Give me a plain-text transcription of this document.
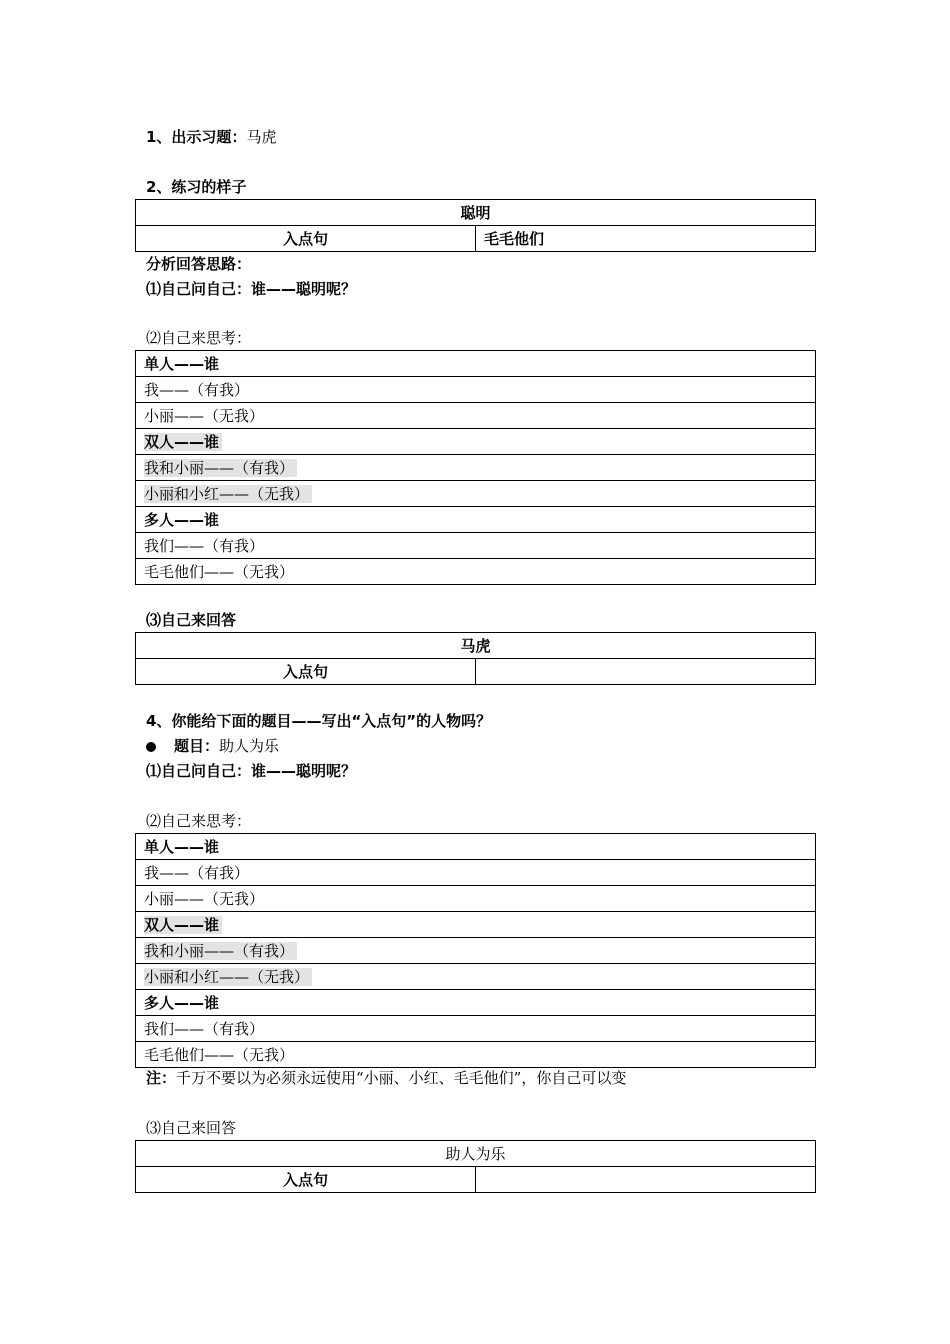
1、出示习题：马虎
2、练习的样子
聪明
入点句	毛毛他们
分析回答思路：
⑴自己问自己：谁——聪明呢？
⑵自己来思考：
单人——谁
我——（有我）
小丽——（无我）
双人——谁
我和小丽——（有我）
小丽和小红——（无我）
多人——谁
我们——（有我）
毛毛他们——（无我）
⑶自己来回答
马虎
入点句	
4、你能给下面的题目——写出“入点句”的人物吗？
题目：助人为乐
⑴自己问自己：谁——聪明呢？
⑵自己来思考：
单人——谁
我——（有我）
小丽——（无我）
双人——谁
我和小丽——（有我）
小丽和小红——（无我）
多人——谁
我们——（有我）
毛毛他们——（无我）
注：千万不要以为必须永远使用“小丽、小红、毛毛他们”，你自己可以变
⑶自己来回答
助人为乐
入点句	
